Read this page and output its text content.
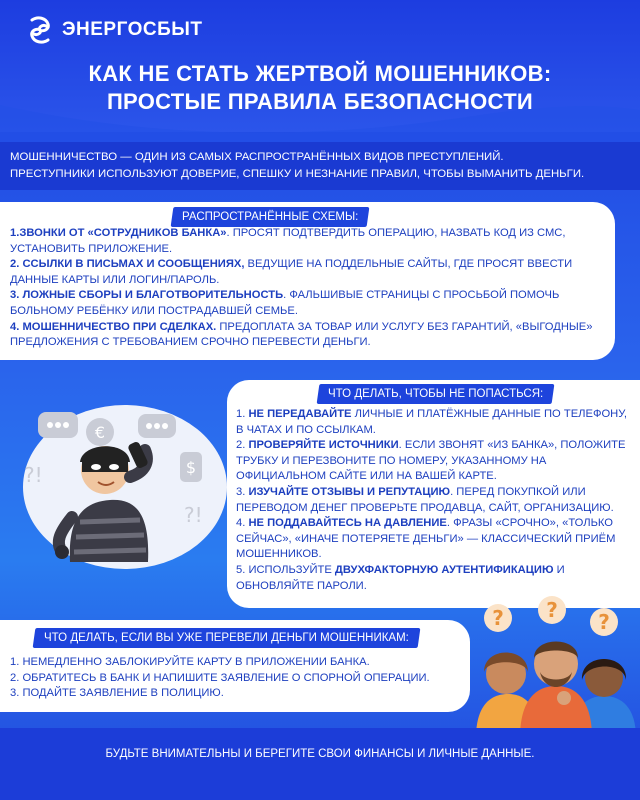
ЭНЕРГОСБЫТ
КАК НЕ СТАТЬ ЖЕРТВОЙ МОШЕННИКОВ:
ПРОСТЫЕ ПРАВИЛА БЕЗОПАСНОСТИ
МОШЕННИЧЕСТВО — ОДИН ИЗ САМЫХ РАСПРОСТРАНЁННЫХ ВИДОВ ПРЕСТУПЛЕНИЙ.
ПРЕСТУПНИКИ ИСПОЛЬЗУЮТ ДОВЕРИЕ, СПЕШКУ И НЕЗНАНИЕ ПРАВИЛ, ЧТОБЫ ВЫМАНИТЬ ДЕНЬГИ.
РАСПРОСТРАНЁННЫЕ СХЕМЫ:
1.ЗВОНКИ ОТ «СОТРУДНИКОВ БАНКА». ПРОСЯТ ПОДТВЕРДИТЬ ОПЕРАЦИЮ, НАЗВАТЬ КОД ИЗ СМС, УСТАНОВИТЬ ПРИЛОЖЕНИЕ.
2. ССЫЛКИ В ПИСЬМАХ И СООБЩЕНИЯХ, ВЕДУЩИЕ НА ПОДДЕЛЬНЫЕ САЙТЫ, ГДЕ ПРОСЯТ ВВЕСТИ ДАННЫЕ КАРТЫ ИЛИ ЛОГИН/ПАРОЛЬ.
3. ЛОЖНЫЕ СБОРЫ И БЛАГОТВОРИТЕЛЬНОСТЬ. ФАЛЬШИВЫЕ СТРАНИЦЫ С ПРОСЬБОЙ ПОМОЧЬ БОЛЬНОМУ РЕБЁНКУ ИЛИ ПОСТРАДАВШЕЙ СЕМЬЕ.
4. МОШЕННИЧЕСТВО ПРИ СДЕЛКАХ. ПРЕДОПЛАТА ЗА ТОВАР ИЛИ УСЛУГУ БЕЗ ГАРАНТИЙ, «ВЫГОДНЫЕ» ПРЕДЛОЖЕНИЯ С ТРЕБОВАНИЕМ СРОЧНО ПЕРЕВЕСТИ ДЕНЬГИ.
€
$
?!
?!
ЧТО ДЕЛАТЬ, ЧТОБЫ НЕ ПОПАСТЬСЯ:
1. НЕ ПЕРЕДАВАЙТЕ ЛИЧНЫЕ И ПЛАТЁЖНЫЕ ДАННЫЕ ПО ТЕЛЕФОНУ, В ЧАТАХ И ПО ССЫЛКАМ.
2. ПРОВЕРЯЙТЕ ИСТОЧНИКИ. ЕСЛИ ЗВОНЯТ «ИЗ БАНКА», ПОЛОЖИТЕ ТРУБКУ И ПЕРЕЗВОНИТЕ ПО НОМЕРУ, УКАЗАННОМУ НА ОФИЦИАЛЬНОМ САЙТЕ ИЛИ НА ВАШЕЙ КАРТЕ.
3. ИЗУЧАЙТЕ ОТЗЫВЫ И РЕПУТАЦИЮ. ПЕРЕД ПОКУПКОЙ ИЛИ ПЕРЕВОДОМ ДЕНЕГ ПРОВЕРЬТЕ ПРОДАВЦА, САЙТ, ОРГАНИЗАЦИЮ.
4. НЕ ПОДДАВАЙТЕСЬ НА ДАВЛЕНИЕ. ФРАЗЫ «СРОЧНО», «ТОЛЬКО СЕЙЧАС», «ИНАЧЕ ПОТЕРЯЕТЕ ДЕНЬГИ» — КЛАССИЧЕСКИЙ ПРИЁМ МОШЕННИКОВ.
5. ИСПОЛЬЗУЙТЕ ДВУХФАКТОРНУЮ АУТЕНТИФИКАЦИЮ И ОБНОВЛЯЙТЕ ПАРОЛИ.
ЧТО ДЕЛАТЬ, ЕСЛИ ВЫ УЖЕ ПЕРЕВЕЛИ ДЕНЬГИ МОШЕННИКАМ:
1. НЕМЕДЛЕННО ЗАБЛОКИРУЙТЕ КАРТУ В ПРИЛОЖЕНИИ БАНКА.
2. ОБРАТИТЕСЬ В БАНК И НАПИШИТЕ ЗАЯВЛЕНИЕ О СПОРНОЙ ОПЕРАЦИИ.
3. ПОДАЙТЕ ЗАЯВЛЕНИЕ В ПОЛИЦИЮ.
? ? ?
БУДЬТЕ ВНИМАТЕЛЬНЫ И БЕРЕГИТЕ СВОИ ФИНАНСЫ И ЛИЧНЫЕ ДАННЫЕ.
